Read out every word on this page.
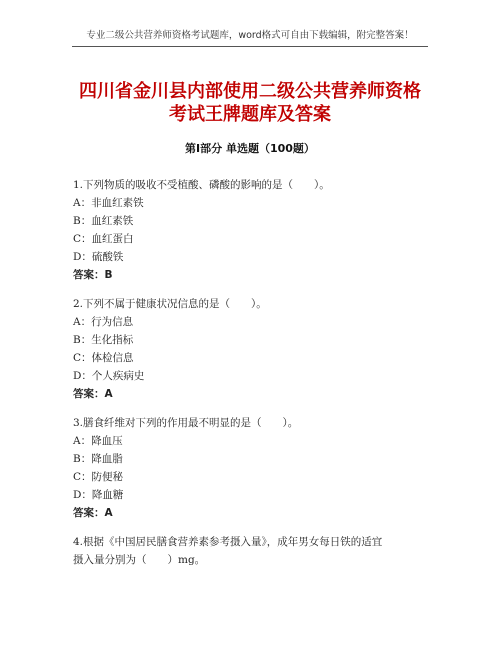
专业二级公共营养师资格考试题库，word格式可自由下载编辑，附完整答案！
四川省金川县内部使用二级公共营养师资格
考试王牌题库及答案
第Ⅰ部分 单选题（100题）
1.下列物质的吸收不受植酸、磷酸的影响的是（　　）。
A：非血红素铁
B：血红素铁
C：血红蛋白
D：硫酸铁
答案：B
2.下列不属于健康状况信息的是（　　）。
A：行为信息
B：生化指标
C：体检信息
D：个人疾病史
答案：A
3.膳食纤维对下列的作用最不明显的是（　　）。
A：降血压
B：降血脂
C：防便秘
D：降血糖
答案：A
4.根据《中国居民膳食营养素参考摄入量》，成年男女每日铁的适宜
摄入量分别为（　　）mg。
